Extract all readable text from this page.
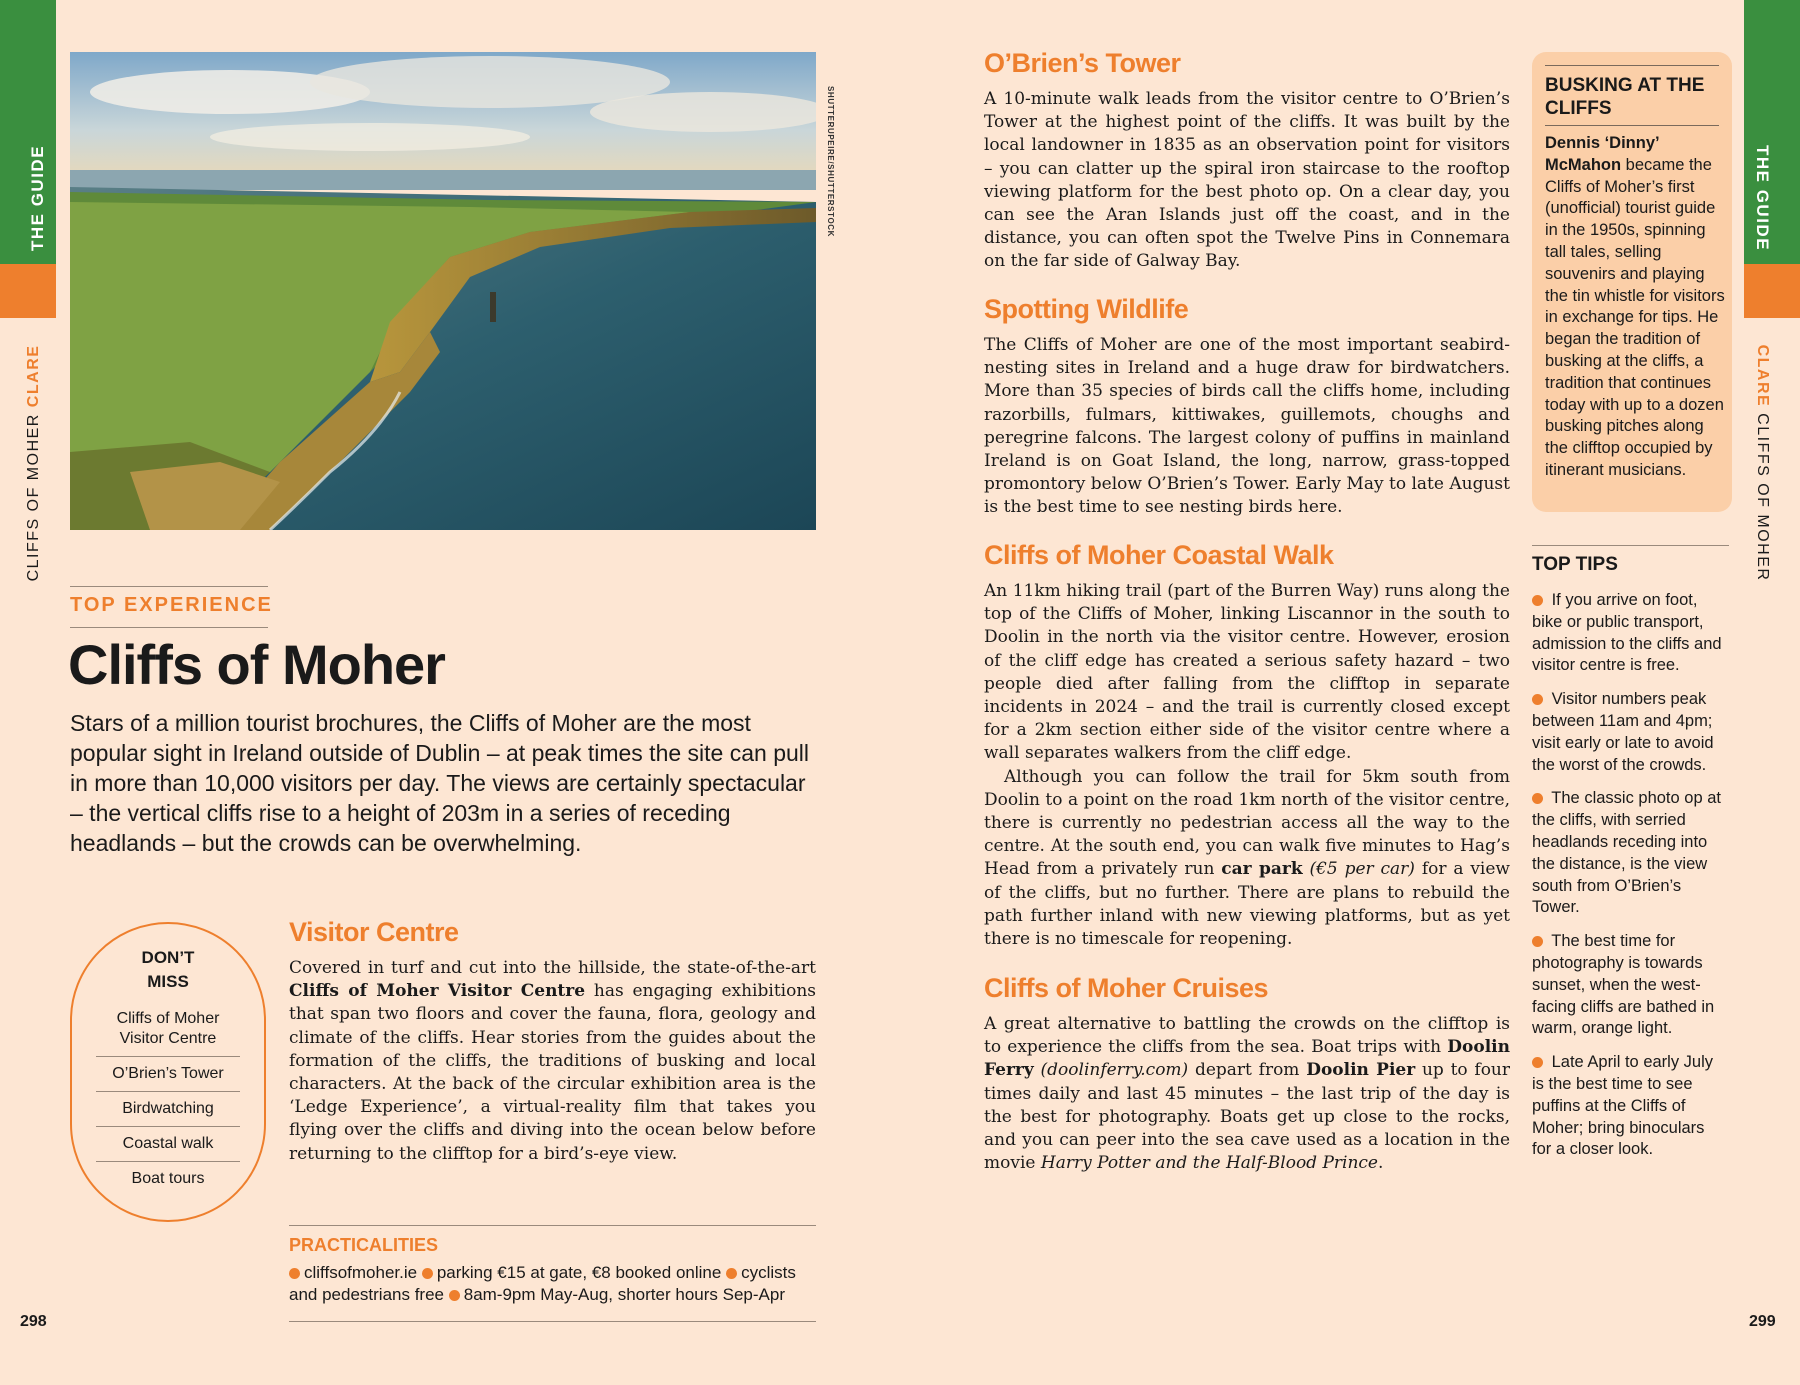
THE GUIDE
CLIFFS OF MOHER CLARE
THE GUIDE
CLARE CLIFFS OF MOHER
SHUTTERUPEIRE/SHUTTERSTOCK
TOP EXPERIENCE
Cliffs of Moher
Stars of a million tourist brochures, the Cliffs of Moher are the most popular sight in Ireland outside of Dublin – at peak times the site can pull in more than 10,000 visitors per day. The views are certainly spectacular – the vertical cliffs rise to a height of 203m in a series of receding headlands – but the crowds can be overwhelming.
DON’T MISS
Cliffs of Moher Visitor Centre
O’Brien’s Tower
Birdwatching
Coastal walk
Boat tours
Visitor Centre

Covered in turf and cut into the hillside, the state-of-the-art Cliffs of Moher Visitor Centre has engaging exhibitions that span two floors and cover the fauna, flora, geology and climate of the cliffs. Hear stories from the guides about the formation of the cliffs, the traditions of busking and local characters. At the back of the circular exhibition area is the ‘Ledge Experience’, a virtual-reality film that takes you flying over the cliffs and diving into the ocean below before returning to the clifftop for a bird’s-eye view.

PRACTICALITIES
cliffsofmoher.ie parking €15 at gate, €8 booked online cyclists and pedestrians free 8am-9pm May-Aug, shorter hours Sep-Apr
298
O’Brien’s Tower

A 10-minute walk leads from the visitor centre to O’Brien’s Tower at the highest point of the cliffs. It was built by the local landowner in 1835 as an observation point for visitors – you can clatter up the spiral iron staircase to the rooftop viewing platform for the best photo op. On a clear day, you can see the Aran Islands just off the coast, and in the distance, you can often spot the Twelve Pins in Connemara on the far side of Galway Bay.

Spotting Wildlife

The Cliffs of Moher are one of the most important seabird-nesting sites in Ireland and a huge draw for birdwatchers. More than 35 species of birds call the cliffs home, including razorbills, fulmars, kittiwakes, guillemots, choughs and peregrine falcons. The largest colony of puffins in mainland Ireland is on Goat Island, the long, narrow, grass-topped promontory below O’Brien’s Tower. Early May to late August is the best time to see nesting birds here.

Cliffs of Moher Coastal Walk

An 11km hiking trail (part of the Burren Way) runs along the top of the Cliffs of Moher, linking Liscannor in the south to Doolin in the north via the visitor centre. However, erosion of the cliff edge has created a serious safety hazard – two people died after falling from the clifftop in separate incidents in 2024 – and the trail is currently closed except for a 2km section either side of the visitor centre where a wall separates walkers from the cliff edge.

Although you can follow the trail for 5km south from Doolin to a point on the road 1km north of the visitor centre, there is currently no pedestrian access all the way to the centre. At the south end, you can walk five minutes to Hag’s Head from a privately run car park (€5 per car) for a view of the cliffs, but no further. There are plans to rebuild the path further inland with new viewing platforms, but as yet there is no timescale for reopening.

Cliffs of Moher Cruises

A great alternative to battling the crowds on the clifftop is to experience the cliffs from the sea. Boat trips with Doolin Ferry (doolinferry.com) depart from Doolin Pier up to four times daily and last 45 minutes – the last trip of the day is the best for photography. Boats get up close to the rocks, and you can peer into the sea cave used as a location in the movie Harry Potter and the Half-Blood Prince.

BUSKING AT THE CLIFFS
Dennis ‘Dinny’ McMahon became the Cliffs of Moher’s first (unofficial) tourist guide in the 1950s, spinning tall tales, selling souvenirs and playing the tin whistle for visitors in exchange for tips. He began the tradition of busking at the cliffs, a tradition that continues today with up to a dozen busking pitches along the clifftop occupied by itinerant musicians.
TOP TIPS
If you arrive on foot, bike or public transport, admission to the cliffs and visitor centre is free.
Visitor numbers peak between 11am and 4pm; visit early or late to avoid the worst of the crowds.
The classic photo op at the cliffs, with serried headlands receding into the distance, is the view south from O’Brien’s Tower.
The best time for photography is towards sunset, when the west-facing cliffs are bathed in warm, orange light.
Late April to early July is the best time to see puffins at the Cliffs of Moher; bring binoculars for a closer look.
299
